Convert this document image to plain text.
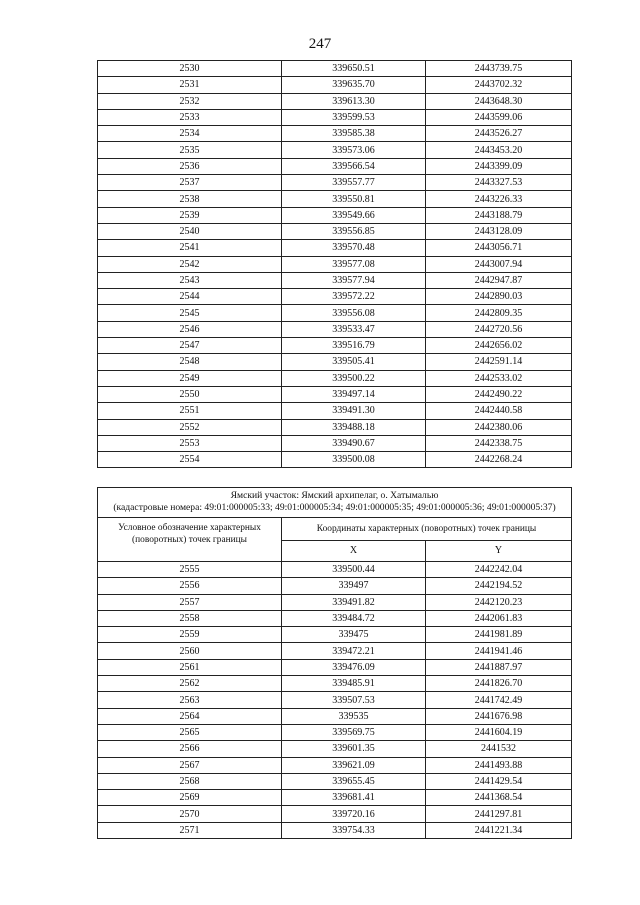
247
2530	339650.51	2443739.75
2531	339635.70	2443702.32
2532	339613.30	2443648.30
2533	339599.53	2443599.06
2534	339585.38	2443526.27
2535	339573.06	2443453.20
2536	339566.54	2443399.09
2537	339557.77	2443327.53
2538	339550.81	2443226.33
2539	339549.66	2443188.79
2540	339556.85	2443128.09
2541	339570.48	2443056.71
2542	339577.08	2443007.94
2543	339577.94	2442947.87
2544	339572.22	2442890.03
2545	339556.08	2442809.35
2546	339533.47	2442720.56
2547	339516.79	2442656.02
2548	339505.41	2442591.14
2549	339500.22	2442533.02
2550	339497.14	2442490.22
2551	339491.30	2442440.58
2552	339488.18	2442380.06
2553	339490.67	2442338.75
2554	339500.08	2442268.24
Ямский участок: Ямский архипелаг, о. Хатымалью
(кадастровые номера: 49:01:000005:33; 49:01:000005:34; 49:01:000005:35; 49:01:000005:36; 49:01:000005:37)		
Условное обозначение характерных (поворотных) точек границы	Координаты характерных (поворотных) точек границы	
	X	Y
2555	339500.44	2442242.04
2556	339497	2442194.52
2557	339491.82	2442120.23
2558	339484.72	2442061.83
2559	339475	2441981.89
2560	339472.21	2441941.46
2561	339476.09	2441887.97
2562	339485.91	2441826.70
2563	339507.53	2441742.49
2564	339535	2441676.98
2565	339569.75	2441604.19
2566	339601.35	2441532
2567	339621.09	2441493.88
2568	339655.45	2441429.54
2569	339681.41	2441368.54
2570	339720.16	2441297.81
2571	339754.33	2441221.34
